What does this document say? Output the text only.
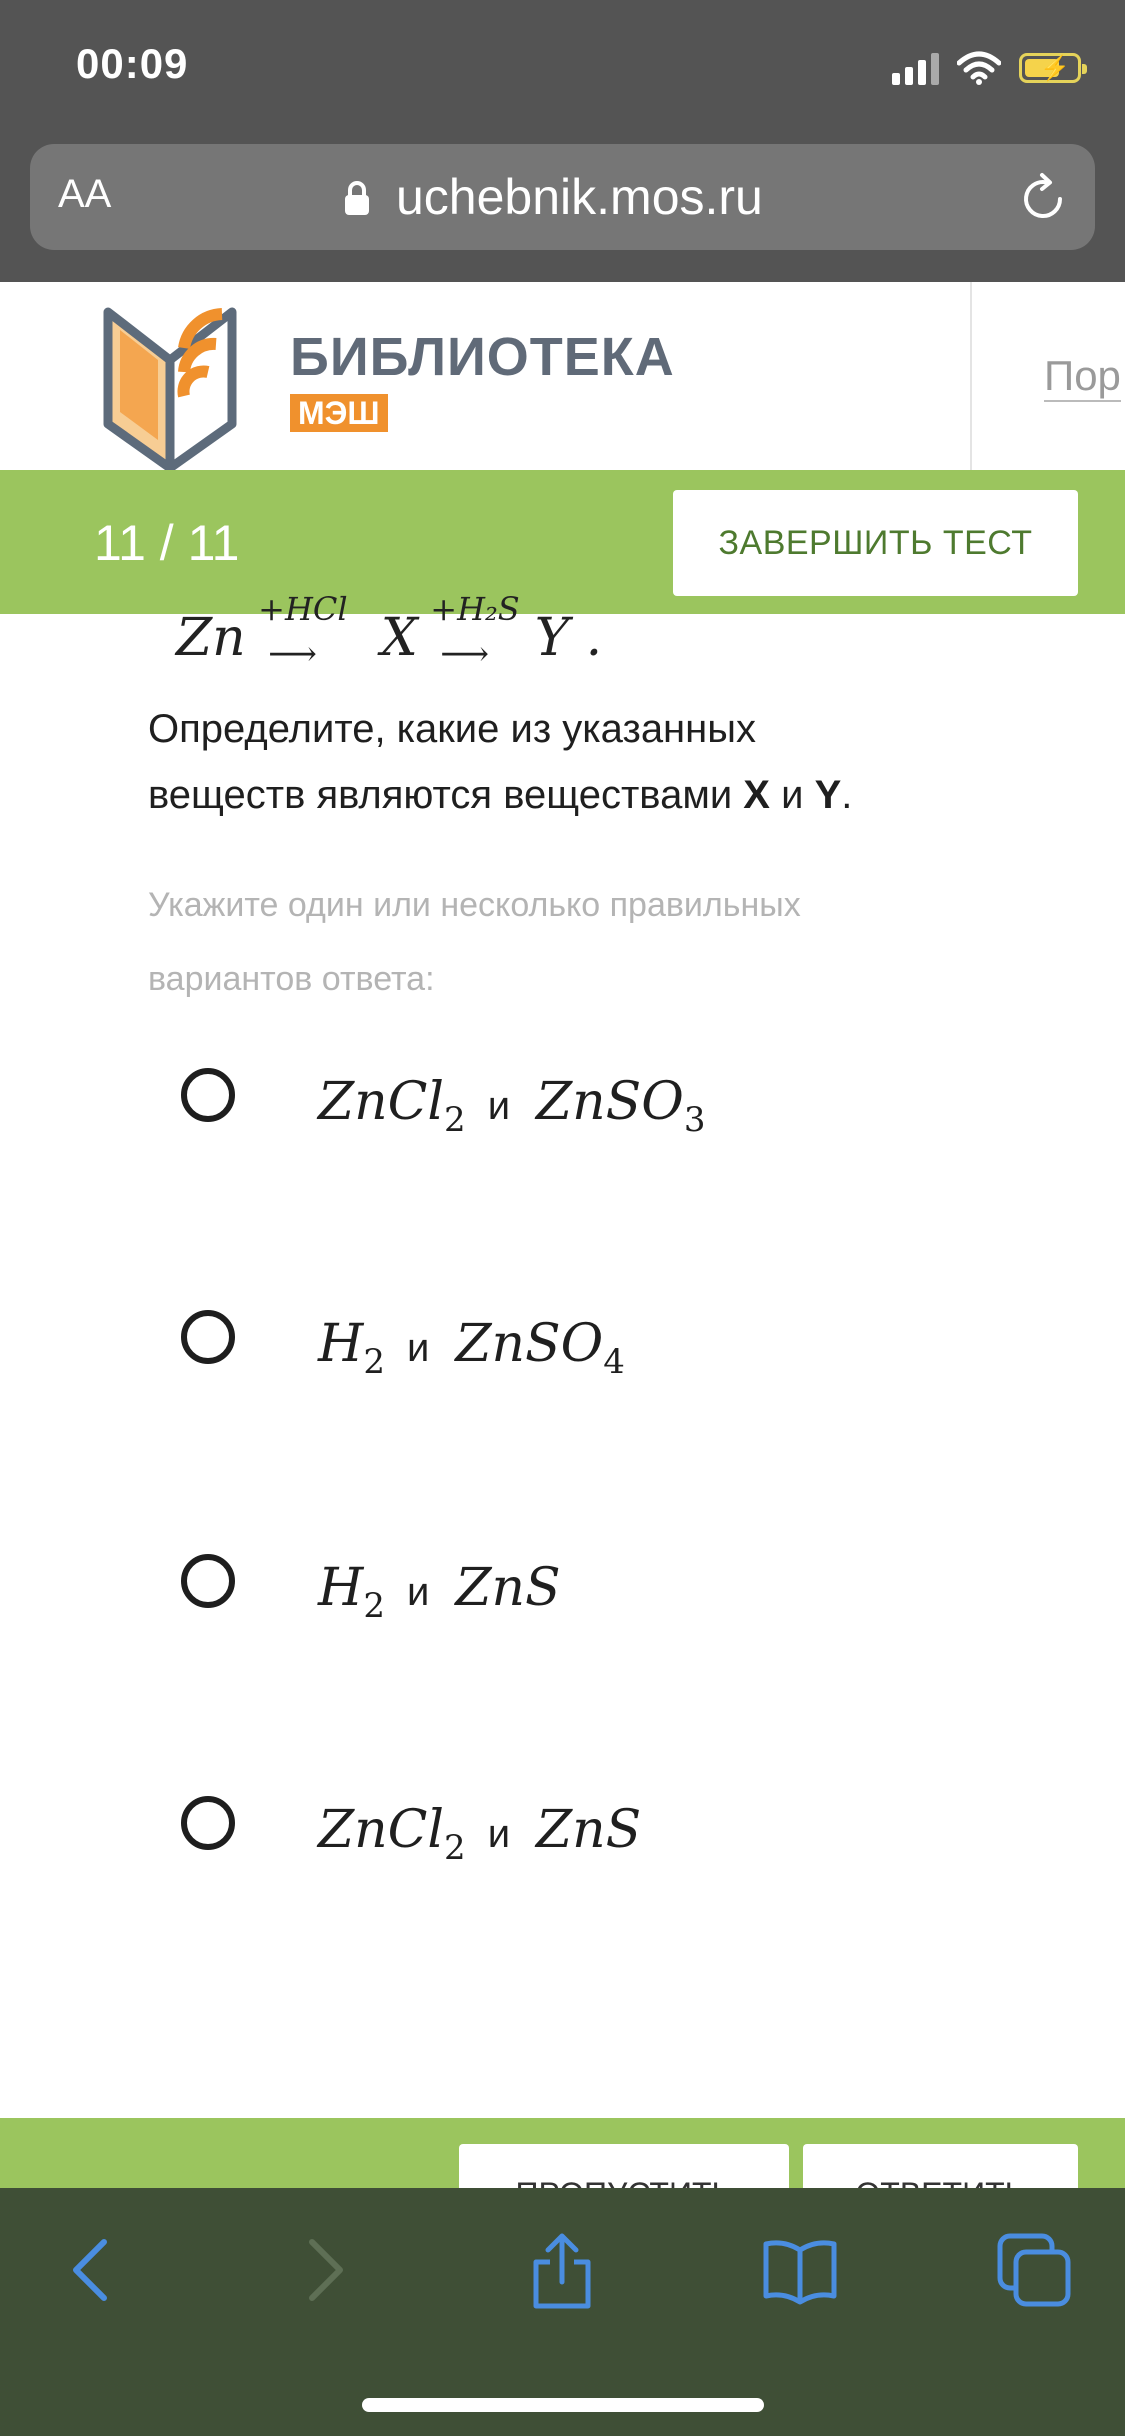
00:09	⚡
AA	uchebnik.mos.ru
БИБЛИОТЕКА
МЭШ
Пор
11 / 11	ЗАВЕРШИТЬ ТЕСТ
Zn +HCl
⟶ X +H₂S
⟶ Y .
Определите, какие из указанных
веществ являются веществами X и Y.
Укажите один или несколько правильных вариантов ответа:
ZnCl$_2$ и ZnSO$_3$
$H_2$ и ZnSO$_4$
$H_2$ и ZnS
ZnCl$_2$ и ZnS
